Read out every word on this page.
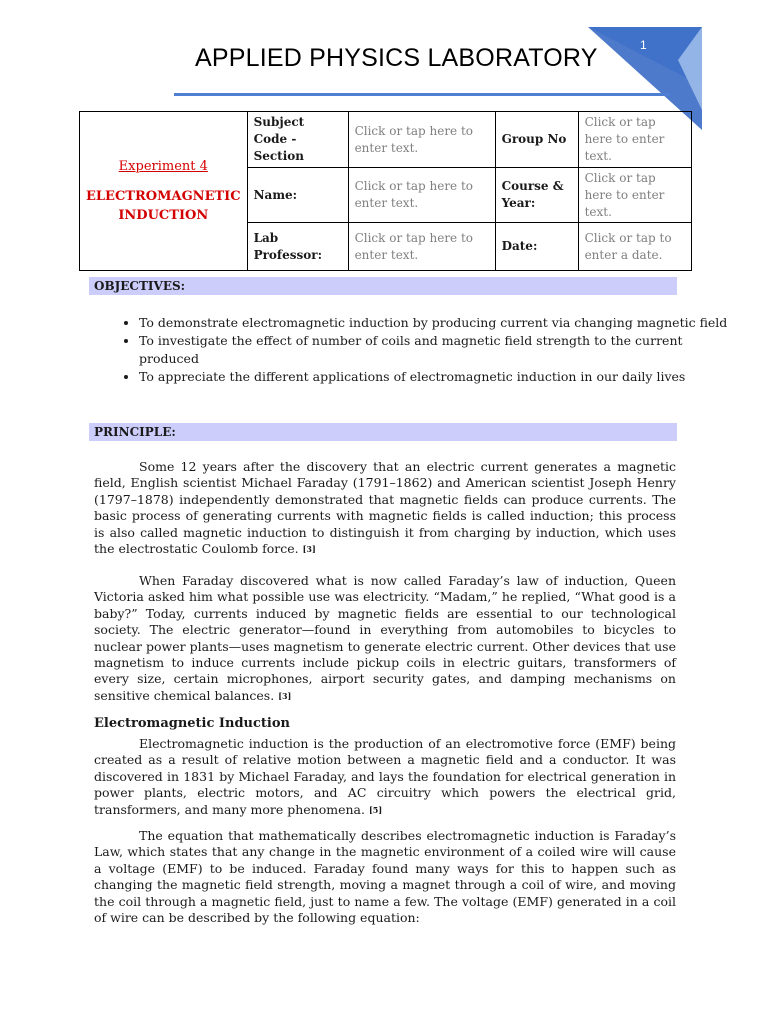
1
APPLIED PHYSICS LABORATORY
Experiment 4
ELECTROMAGNETIC INDUCTION	Subject Code - Section	Click or tap here to enter text.	Group No	Click or tap here to enter text.
	Name:	Click or tap here to enter text.	Course & Year:	Click or tap here to enter text.
	Lab Professor:	Click or tap here to enter text.	Date:	Click or tap to enter a date.
OBJECTIVES:
• To demonstrate electromagnetic induction by producing current via changing magnetic field
• To investigate the effect of number of coils and magnetic field strength to the current produced
• To appreciate the different applications of electromagnetic induction in our daily lives
PRINCIPLE:

Some 12 years after the discovery that an electric current generates a magnetic field, English scientist Michael Faraday (1791–1862) and American scientist Joseph Henry (1797–1878) independently demonstrated that magnetic fields can produce currents. The basic process of generating currents with magnetic fields is called induction; this process is also called magnetic induction to distinguish it from charging by induction, which uses the electrostatic Coulomb force. [3]

When Faraday discovered what is now called Faraday’s law of induction, Queen Victoria asked him what possible use was electricity. “Madam,” he replied, “What good is a baby?” Today, currents induced by magnetic fields are essential to our technological society. The electric generator—found in everything from automobiles to bicycles to nuclear power plants—uses magnetism to generate electric current. Other devices that use magnetism to induce currents include pickup coils in electric guitars, transformers of every size, certain microphones, airport security gates, and damping mechanisms on sensitive chemical balances. [3]

Electromagnetic Induction

Electromagnetic induction is the production of an electromotive force (EMF) being created as a result of relative motion between a magnetic field and a conductor. It was discovered in 1831 by Michael Faraday, and lays the foundation for electrical generation in power plants, electric motors, and AC circuitry which powers the electrical grid, transformers, and many more phenomena. [5]

The equation that mathematically describes electromagnetic induction is Faraday’s Law, which states that any change in the magnetic environment of a coiled wire will cause a voltage (EMF) to be induced. Faraday found many ways for this to happen such as changing the magnetic field strength, moving a magnet through a coil of wire, and moving the coil through a magnetic field, just to name a few. The voltage (EMF) generated in a coil of wire can be described by the following equation:
